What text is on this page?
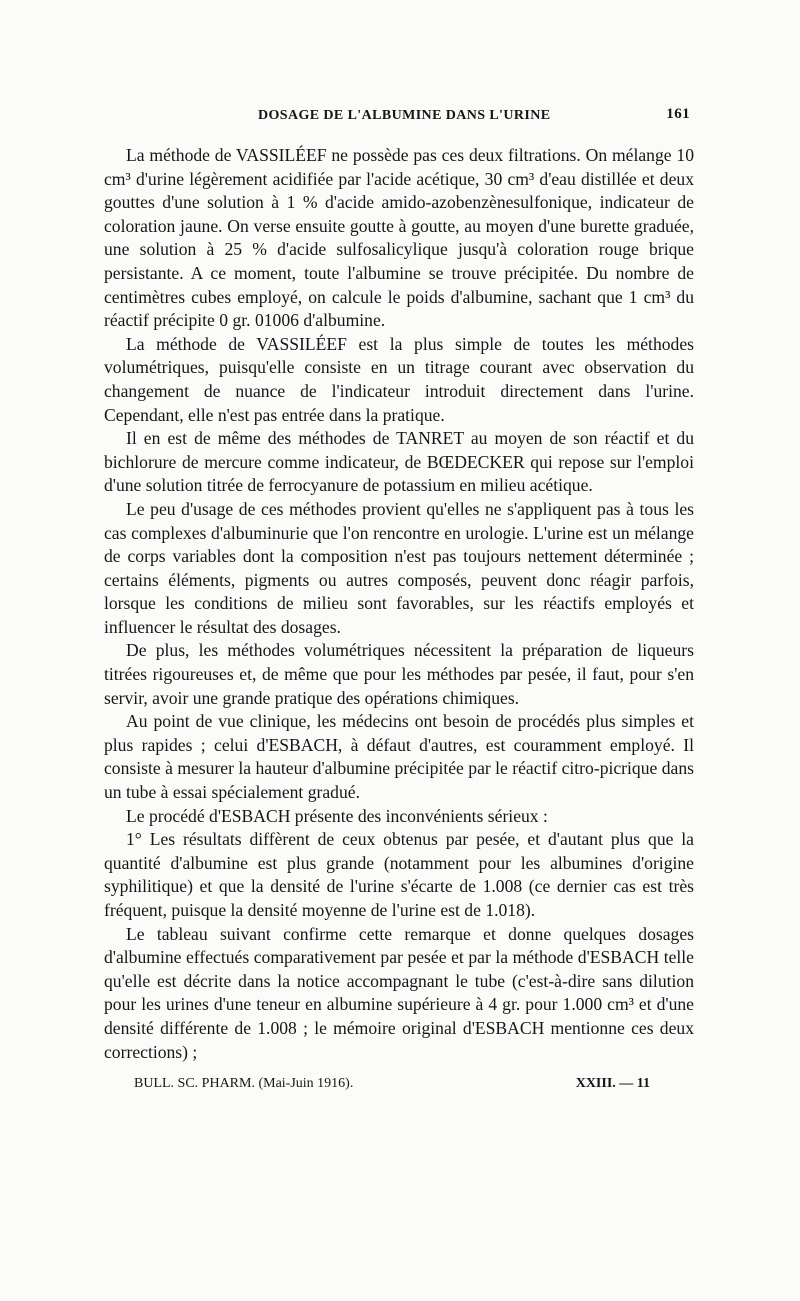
DOSAGE DE L'ALBUMINE DANS L'URINE	161

La méthode de VASSILÉEF ne possède pas ces deux filtrations. On mélange 10 cm³ d'urine légèrement acidifiée par l'acide acétique, 30 cm³ d'eau distillée et deux gouttes d'une solution à 1 % d'acide amido-azobenzènesulfonique, indicateur de coloration jaune. On verse ensuite goutte à goutte, au moyen d'une burette graduée, une solution à 25 % d'acide sulfosalicylique jusqu'à coloration rouge brique persistante. A ce moment, toute l'albumine se trouve précipitée. Du nombre de centimètres cubes employé, on calcule le poids d'albumine, sachant que 1 cm³ du réactif précipite 0 gr. 01006 d'albumine.

La méthode de VASSILÉEF est la plus simple de toutes les méthodes volumétriques, puisqu'elle consiste en un titrage courant avec observation du changement de nuance de l'indicateur introduit directement dans l'urine. Cependant, elle n'est pas entrée dans la pratique.

Il en est de même des méthodes de TANRET au moyen de son réactif et du bichlorure de mercure comme indicateur, de BŒDECKER qui repose sur l'emploi d'une solution titrée de ferrocyanure de potassium en milieu acétique.

Le peu d'usage de ces méthodes provient qu'elles ne s'appliquent pas à tous les cas complexes d'albuminurie que l'on rencontre en urologie. L'urine est un mélange de corps variables dont la composition n'est pas toujours nettement déterminée ; certains éléments, pigments ou autres composés, peuvent donc réagir parfois, lorsque les conditions de milieu sont favorables, sur les réactifs employés et influencer le résultat des dosages.

De plus, les méthodes volumétriques nécessitent la préparation de liqueurs titrées rigoureuses et, de même que pour les méthodes par pesée, il faut, pour s'en servir, avoir une grande pratique des opérations chimiques.

Au point de vue clinique, les médecins ont besoin de procédés plus simples et plus rapides ; celui d'ESBACH, à défaut d'autres, est couramment employé. Il consiste à mesurer la hauteur d'albumine précipitée par le réactif citro-picrique dans un tube à essai spécialement gradué.

Le procédé d'ESBACH présente des inconvénients sérieux :

1° Les résultats diffèrent de ceux obtenus par pesée, et d'autant plus que la quantité d'albumine est plus grande (notamment pour les albumines d'origine syphilitique) et que la densité de l'urine s'écarte de 1.008 (ce dernier cas est très fréquent, puisque la densité moyenne de l'urine est de 1.018).

Le tableau suivant confirme cette remarque et donne quelques dosages d'albumine effectués comparativement par pesée et par la méthode d'ESBACH telle qu'elle est décrite dans la notice accompagnant le tube (c'est-à-dire sans dilution pour les urines d'une teneur en albumine supérieure à 4 gr. pour 1.000 cm³ et d'une densité différente de 1.008 ; le mémoire original d'ESBACH mentionne ces deux corrections) ;

BULL. SC. PHARM. (Mai-Juin 1916).	XXIII. — 11
